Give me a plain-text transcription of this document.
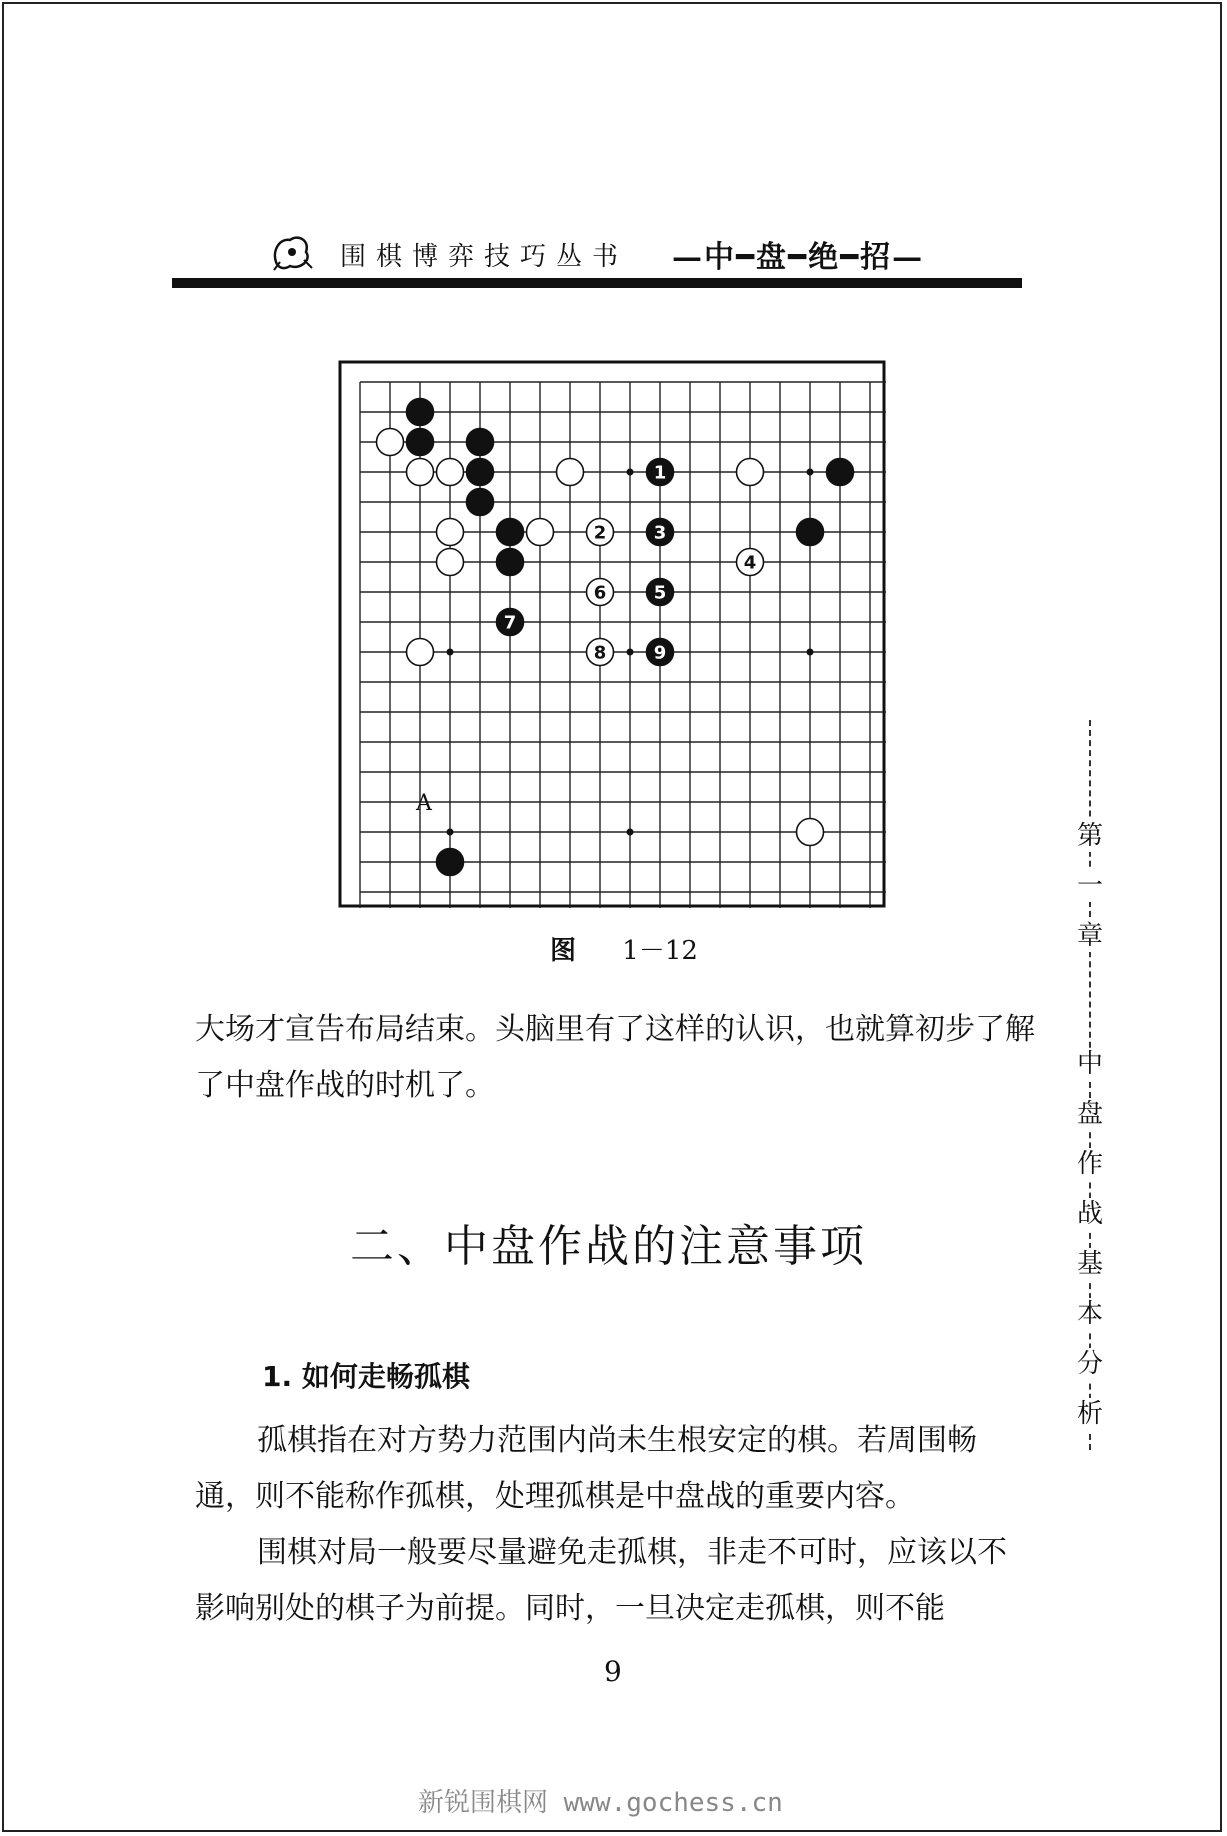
围棋博弈技巧丛书 —中━盘━绝━招—
1
2	3
4
6	5
7
8	9
A
图 1－12
大场才宣告布局结束。头脑里有了这样的认识，也就算初步了解了中盘作战的时机了。
二、中盘作战的注意事项
1. 如何走畅孤棋
孤棋指在对方势力范围内尚未生根安定的棋。若周围畅通，则不能称作孤棋，处理孤棋是中盘战的重要内容。
围棋对局一般要尽量避免走孤棋，非走不可时，应该以不影响别处的棋子为前提。同时，一旦决定走孤棋，则不能
9
第
一
章
中
盘
作
战
基
本
分
析
新锐围棋网 www.gochess.cn
